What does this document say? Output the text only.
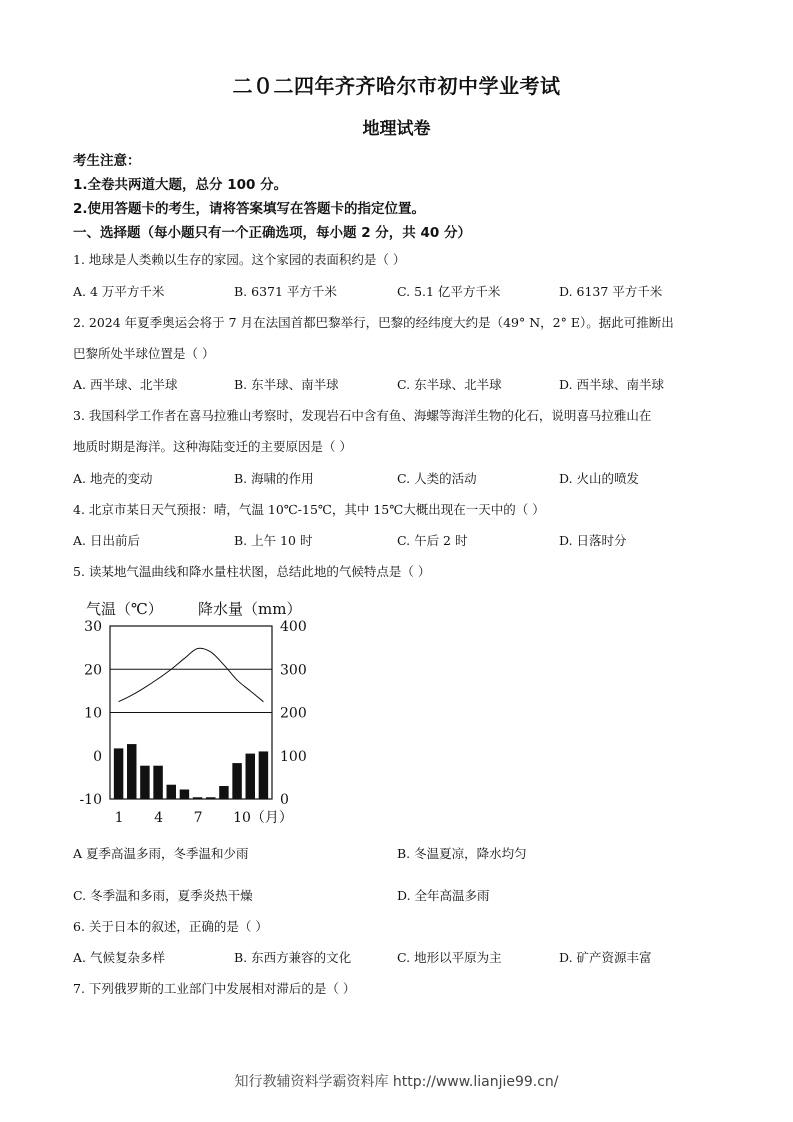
二０二四年齐齐哈尔市初中学业考试
地理试卷
考生注意：
1.全卷共两道大题，总分 100 分。
2.使用答题卡的考生，请将答案填写在答题卡的指定位置。
一、选择题（每小题只有一个正确选项，每小题 2 分，共 40 分）
1. 地球是人类赖以生存的家园。这个家园的表面积约是（ ）
A. 4 万平方千米	B. 6371 平方千米	C. 5.1 亿平方千米	D. 6137 平方千米
2. 2024 年夏季奥运会将于 7 月在法国首都巴黎举行，巴黎的经纬度大约是（49° N，2° E）。据此可推断出
巴黎所处半球位置是（ ）
A. 西半球、北半球	B. 东半球、南半球	C. 东半球、北半球	D. 西半球、南半球
3. 我国科学工作者在喜马拉雅山考察时，发现岩石中含有鱼、海螺等海洋生物的化石，说明喜马拉雅山在
地质时期是海洋。这种海陆变迁的主要原因是（ ）
A. 地壳的变动	B. 海啸的作用	C. 人类的活动	D. 火山的喷发
4. 北京市某日天气预报：晴，气温 10℃-15℃，其中 15℃大概出现在一天中的（ ）
A. 日出前后	B. 上午 10 时	C. 午后 2 时	D. 日落时分
5. 读某地气温曲线和降水量柱状图，总结此地的气候特点是（ ）
气温（℃） 降水量（mm）
30
20
10
0
-10
400
300
200
100
0
1 4 7 10（月）
A 夏季高温多雨，冬季温和少雨	B. 冬温夏凉，降水均匀
C. 冬季温和多雨，夏季炎热干燥	D. 全年高温多雨
6. 关于日本的叙述，正确的是（ ）
A. 气候复杂多样	B. 东西方兼容的文化	C. 地形以平原为主	D. 矿产资源丰富
7. 下列俄罗斯的工业部门中发展相对滞后的是（ ）
知行教辅资料学霸资料库 http://www.lianjie99.cn/
